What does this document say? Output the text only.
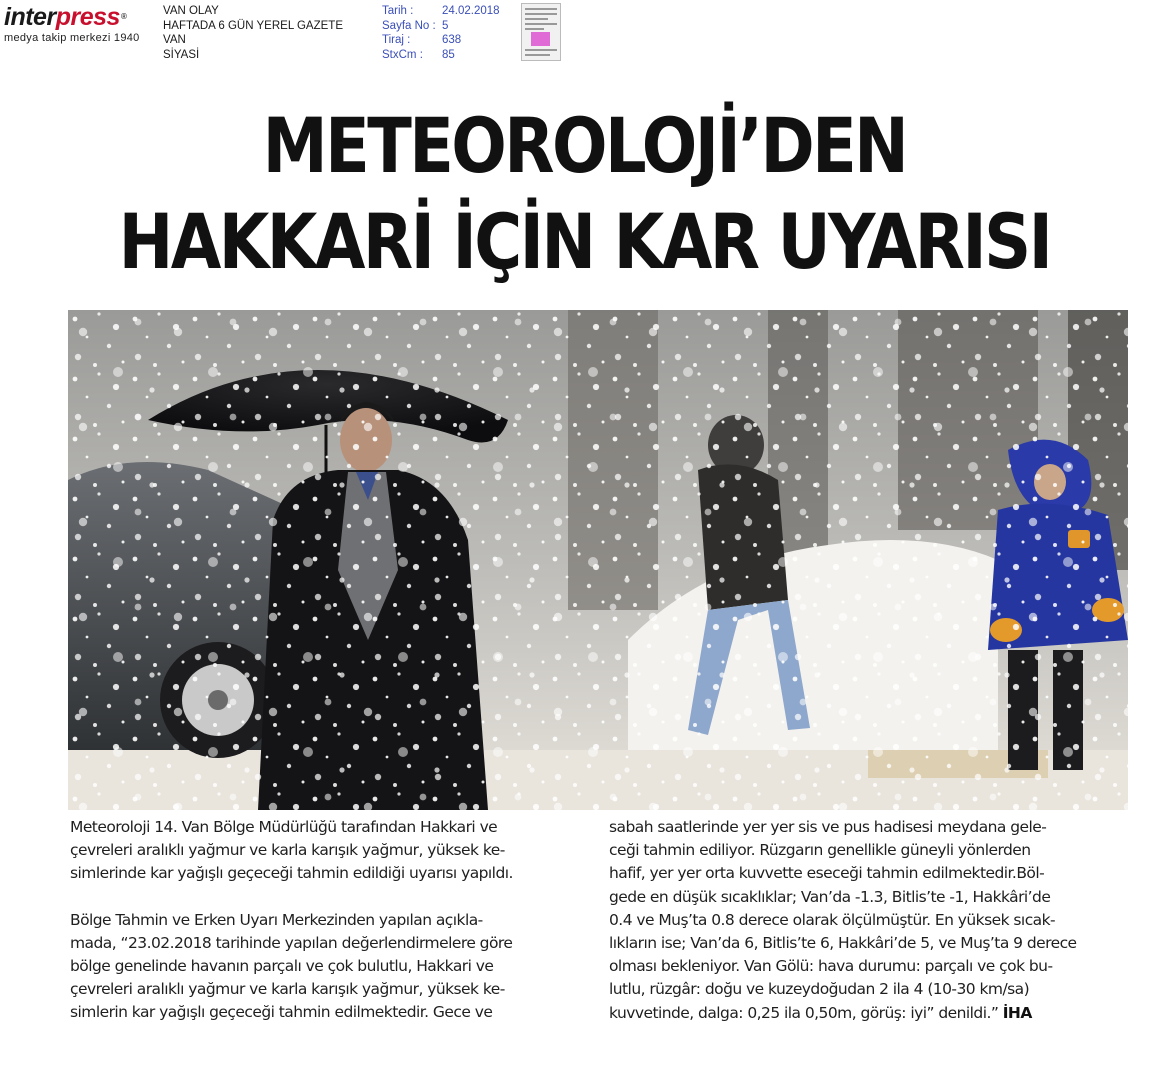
interpress®
medya takip merkezi 1940
VAN OLAY
HAFTADA 6 GÜN YEREL GAZETE
VAN
SİYASİ
Tarih :	24.02.2018
Sayfa No : 5
Tiraj :	638
StxCm :	85
METEOROLOJİ’DEN
HAKKARİ İÇİN KAR UYARISI

Meteoroloji 14. Van Bölge Müdürlüğü tarafından Hakkari ve

çevreleri aralıklı yağmur ve karla karışık yağmur, yüksek ke-

simlerinde kar yağışlı geçeceği tahmin edildiği uyarısı yapıldı.

Bölge Tahmin ve Erken Uyarı Merkezinden yapılan açıkla-

mada, “23.02.2018 tarihinde yapılan değerlendirmelere göre

bölge genelinde havanın parçalı ve çok bulutlu, Hakkari ve

çevreleri aralıklı yağmur ve karla karışık yağmur, yüksek ke-

simlerin kar yağışlı geçeceği tahmin edilmektedir. Gece ve

sabah saatlerinde yer yer sis ve pus hadisesi meydana gele-

ceği tahmin ediliyor. Rüzgarın genellikle güneyli yönlerden

hafif, yer yer orta kuvvette eseceği tahmin edilmektedir.Böl-

gede en düşük sıcaklıklar; Van’da -1.3, Bitlis’te -1, Hakkâri’de

0.4 ve Muş’ta 0.8 derece olarak ölçülmüştür. En yüksek sıcak-

lıkların ise; Van’da 6, Bitlis’te 6, Hakkâri’de 5, ve Muş’ta 9 derece

olması bekleniyor. Van Gölü: hava durumu: parçalı ve çok bu-

lutlu, rüzgâr: doğu ve kuzeydoğudan 2 ila 4 (10-30 km/sa)

kuvvetinde, dalga: 0,25 ila 0,50m, görüş: iyi” denildi.” İHA
